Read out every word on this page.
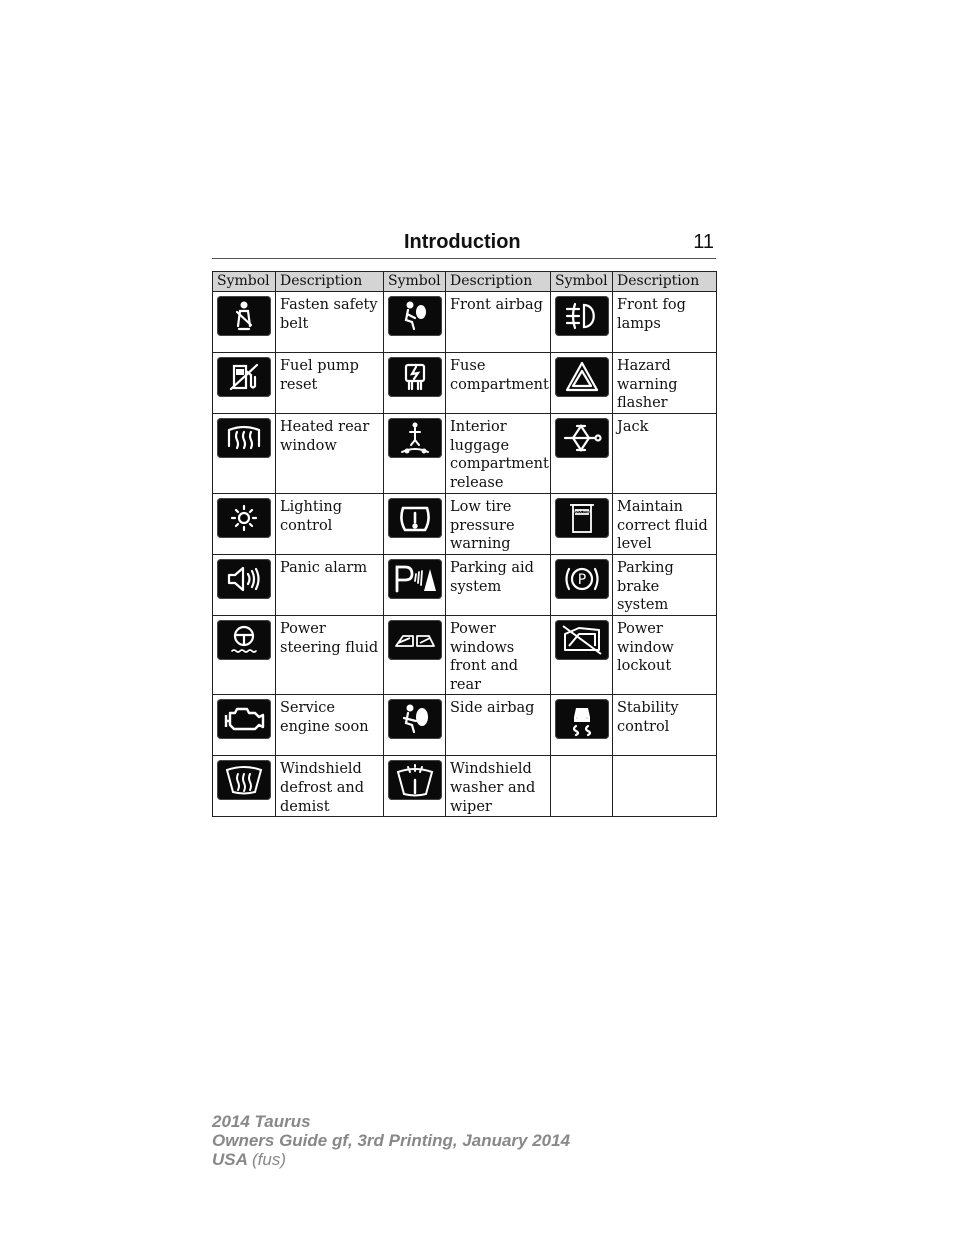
Introduction	11
Symbol	Description	Symbol	Description	Symbol	Description

	Fasten safety belt		Front airbag		Front fog lamps

	Fuel pump reset		Fuse compartment		Hazard warning flasher

	Heated rear window		Interior luggage compartment release		Jack

	Lighting control		Low tire pressure warning	MAX MIN	Maintain correct fluid level

	Panic alarm		Parking aid system	P	Parking brake system

	Power steering fluid		Power windows front and rear		Power window lockout

	Service engine soon		Side airbag		Stability control

	Windshield defrost and demist		Windshield washer and wiper		
2014 Taurus
Owners Guide gf, 3rd Printing, January 2014
USA (fus)
